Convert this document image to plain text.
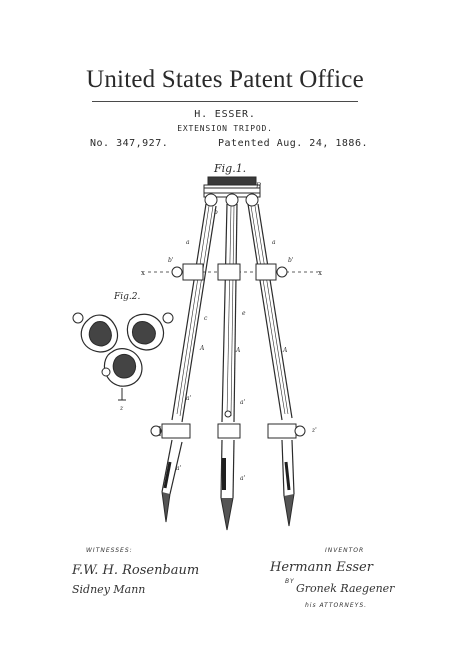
United States Patent Office
H. ESSER.
EXTENSION TRIPOD.
No. 347,927.	Patented Aug. 24, 1886.
Fig.1.
B
x	x
a	a
A	A	A
c
e
a'
a'
a'
a'
b'	b'
z'
b
Fig.2.
z
WITNESSES:
F.W. H. Rosenbaum
Sidney Mann
INVENTOR
Hermann Esser
BY
Gronek Raegener
his ATTORNEYS.
